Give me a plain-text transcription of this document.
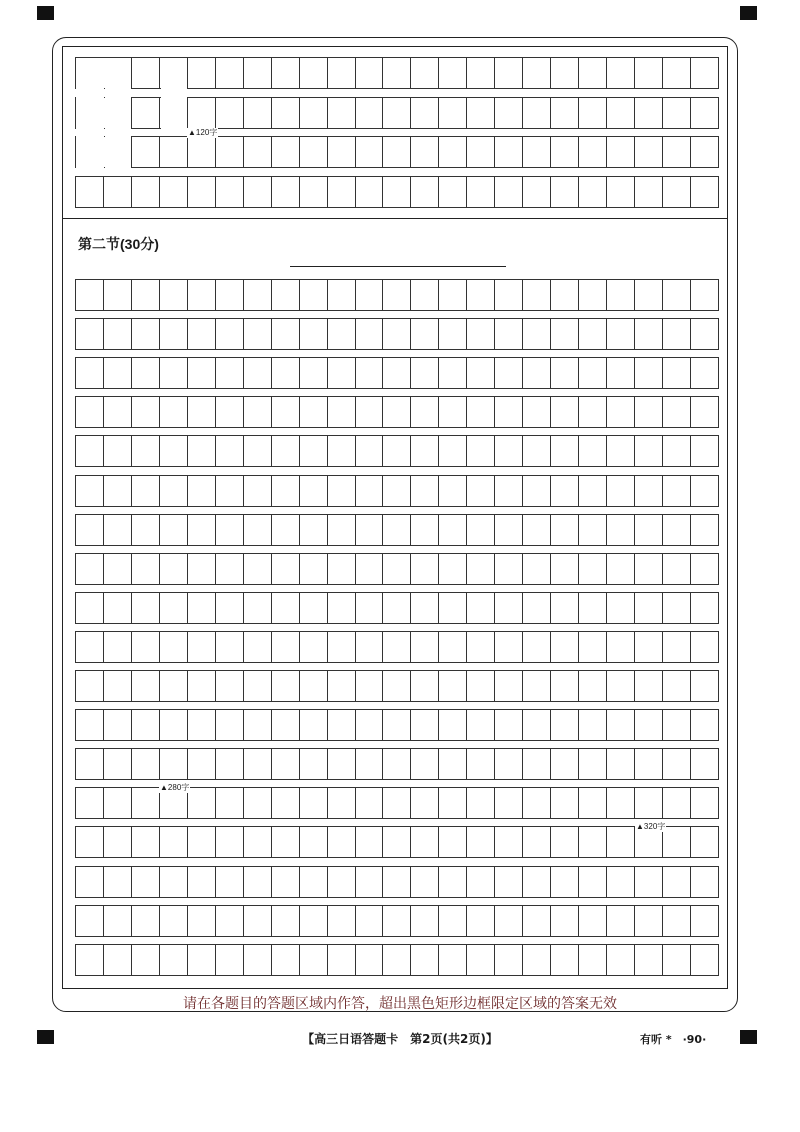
▲120字
第二节(30分)
▲280字
▲320字
请在各题目的答题区域内作答，超出黑色矩形边框限定区域的答案无效
【高三日语答题卡　第2页(共2页)】	有听 *　·90·
